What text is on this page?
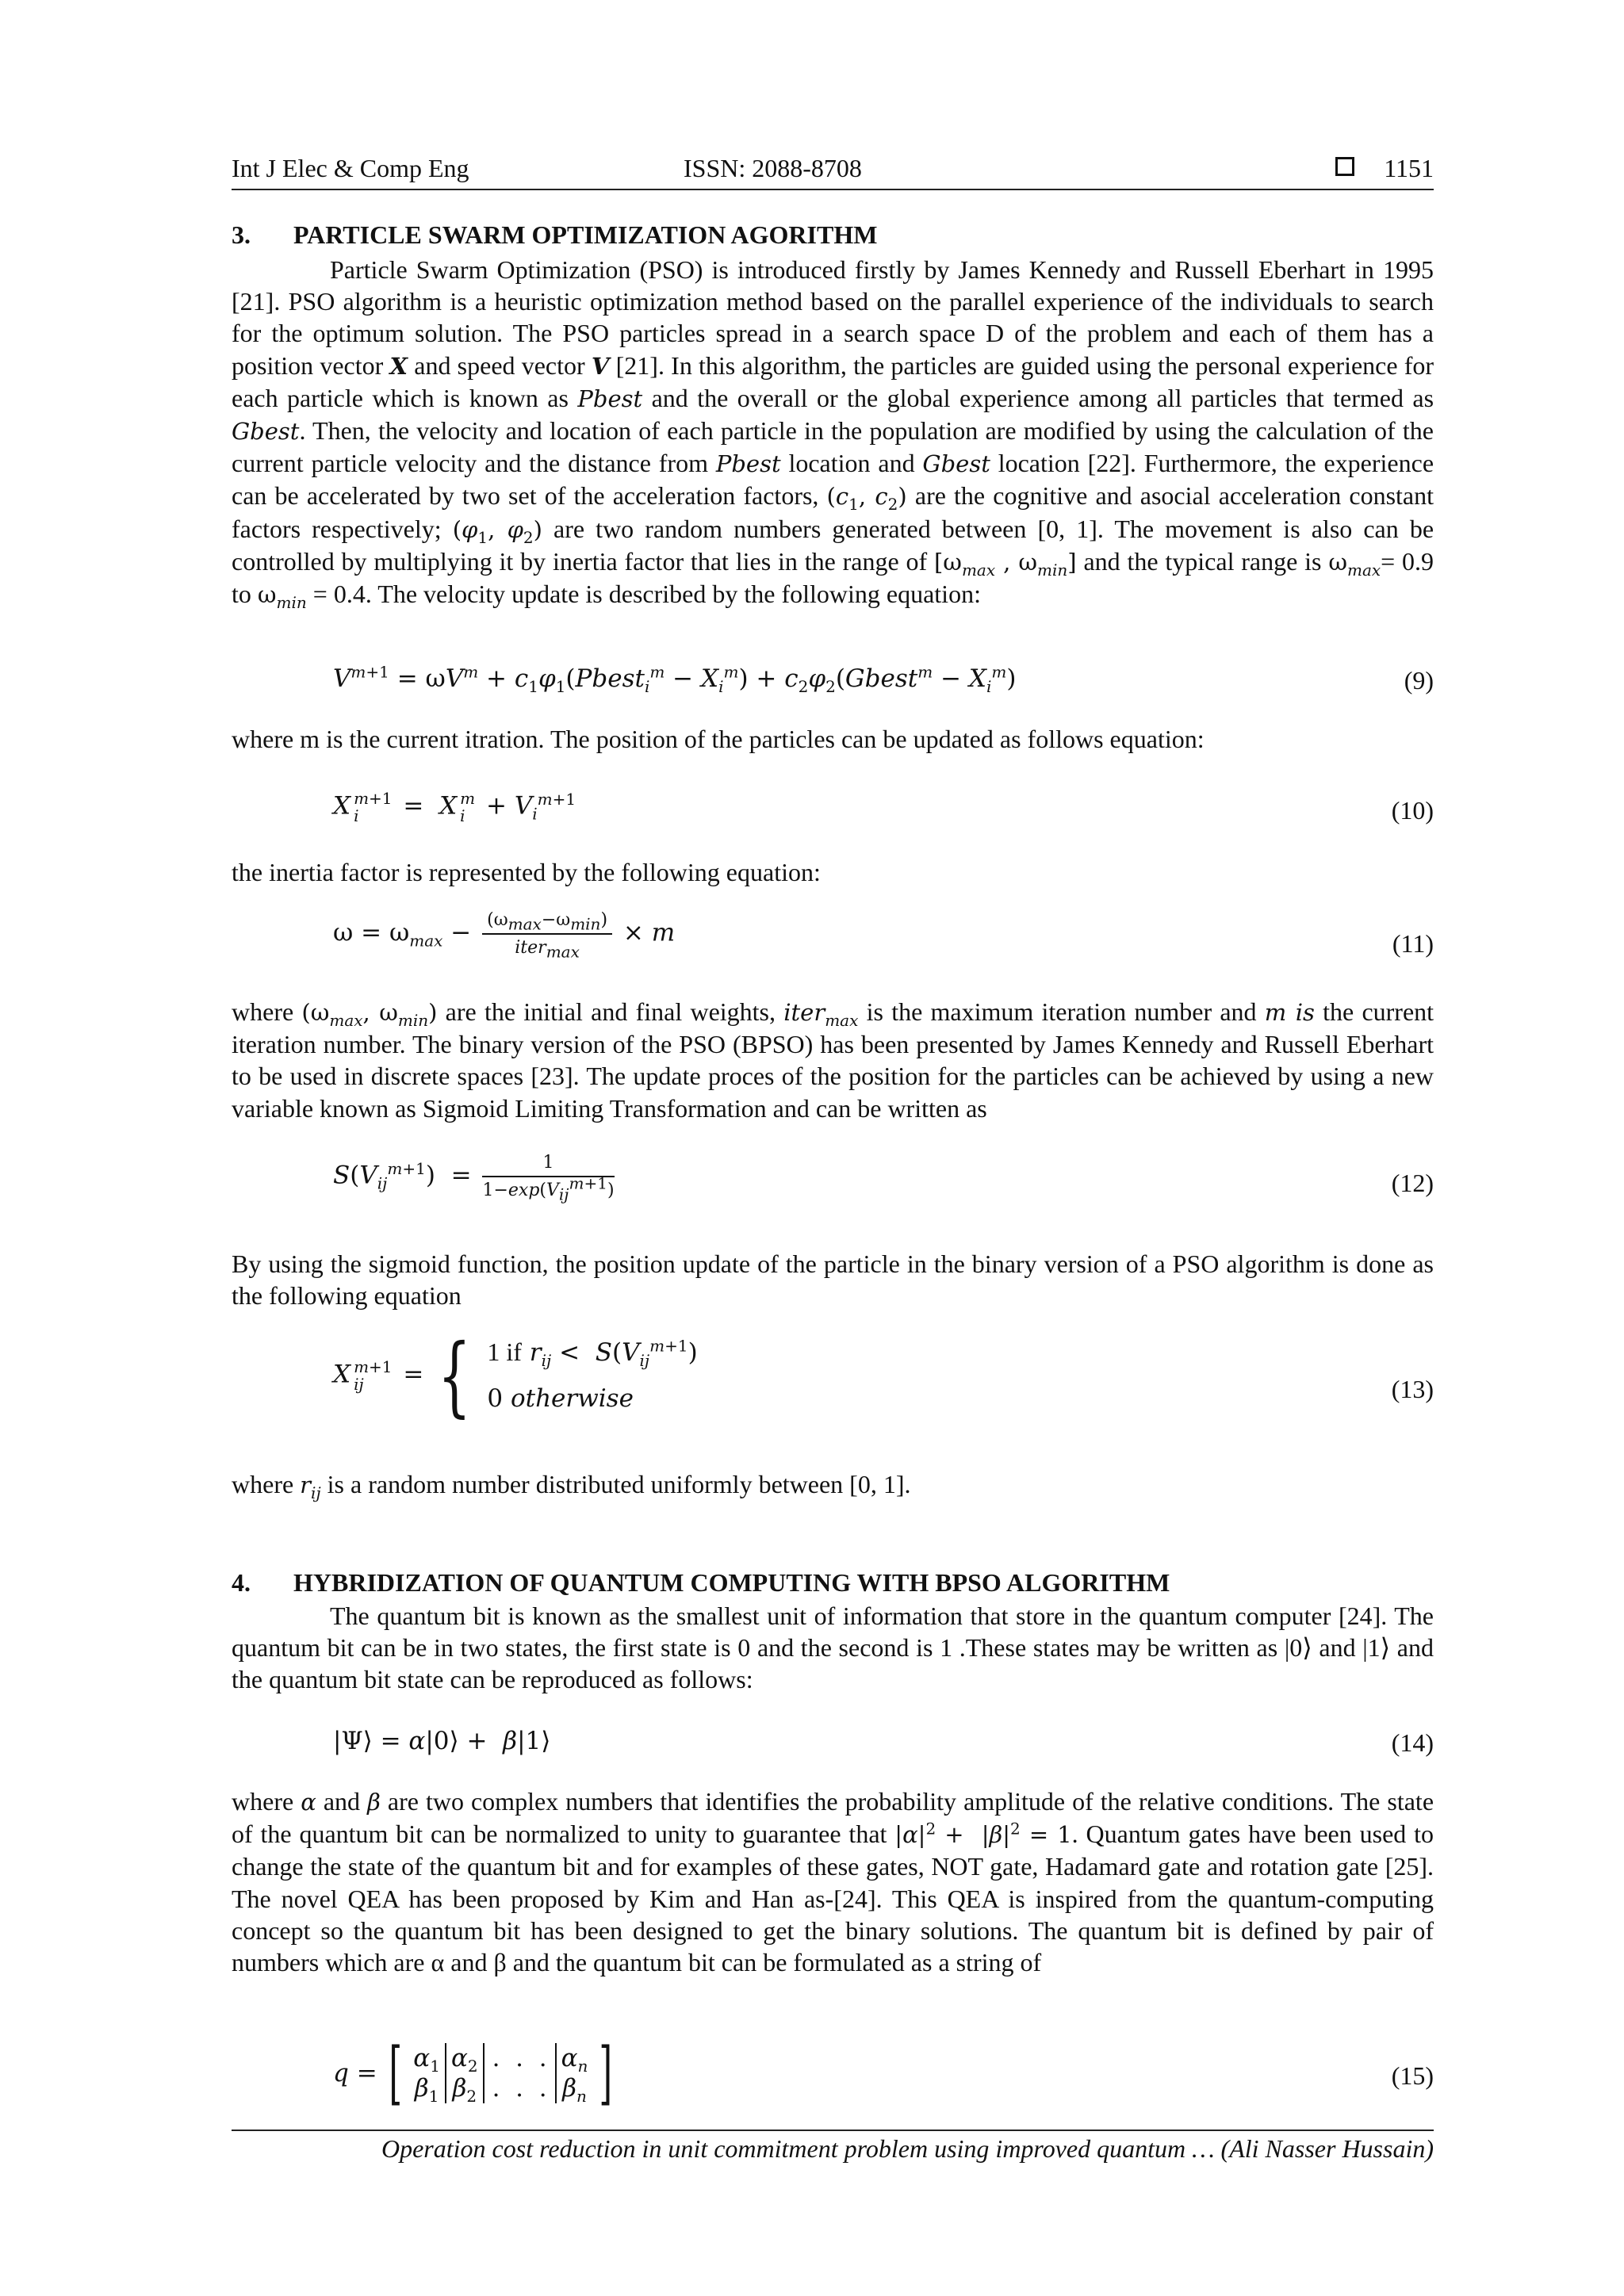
Int J Elec & Comp Eng	ISSN: 2088-8708	1151
3. PARTICLE SWARM OPTIMIZATION AGORITHM
Particle Swarm Optimization (PSO) is introduced firstly by James Kennedy and Russell Eberhart in 1995 [21]. PSO algorithm is a heuristic optimization method based on the parallel experience of the individuals to search for the optimum solution. The PSO particles spread in a search space D of the problem and each of them has a position vector X and speed vector V [21]. In this algorithm, the particles are guided using the personal experience for each particle which is known as Pbest and the overall or the global experience among all particles that termed as Gbest. Then, the velocity and location of each particle in the population are modified by using the calculation of the current particle velocity and the distance from Pbest location and Gbest location [22]. Furthermore, the experience can be accelerated by two set of the acceleration factors, ($c_1$, $c_2$) are the cognitive and asocial acceleration constant factors respectively; ($\varphi_1$, $\varphi_2$) are two random numbers generated between [0, 1]. The movement is also can be controlled by multiplying it by inertia factor that lies in the range of [$\omega_{max}$ , $\omega_{min}$] and the typical range is $\omega_{max}= 0.9$ to $\omega_{min} = 0.4$. The velocity update is described by the following equation:
$V^{m+1} = \omega V^m$ + $c_1\varphi_1(Pbest_i^m - X_i^m)$ + $c_2\varphi_2(Gbest^m - X_i^m)$	(9)
where m is the current itration. The position of the particles can be updated as follows equation:
X m+1
i	=  X m
$i + V_i^{m+1}$	(10)
the inertia factor is represented by the following equation:
$\omega = \omega_{max} - \frac{(\omega_{max}-\omega_{min})}{iter_{max}} \times m$	(11)
where ($\omega_{max}$, $\omega_{min}$) are the initial and final weights, iter$_{max}$ is the maximum iteration number and m is the current iteration number. The binary version of the PSO (BPSO) has been presented by James Kennedy and Russell Eberhart to be used in discrete spaces [23]. The update proces of the position for the particles can be achieved by using a new variable known as Sigmoid Limiting Transformation and can be written as
$S(V_{ij}^{m+1}) = \frac{1}{1-\exp(V_{ij}^{m+1})}$	(12)
By using the sigmoid function, the position update of the particle in the binary version of a PSO algorithm is done as the following equation
X m+1
ij	= { 1 if $r_{ij} < S(V_{ij}^{m+1})$
0 otherwise	(13)
where $r_{ij}$ is a random number distributed uniformly between [0, 1].
4. HYBRIDIZATION OF QUANTUM COMPUTING WITH BPSO ALGORITHM
The quantum bit is known as the smallest unit of information that store in the quantum computer [24]. The quantum bit can be in two states, the first state is 0 and the second is 1 .These states may be written as |0⟩ and |1⟩ and the quantum bit state can be reproduced as follows:
|Ψ⟩ = α|0⟩ +  β|1⟩	(14)
where α and β are two complex numbers that identifies the probability amplitude of the relative conditions. The state of the quantum bit can be normalized to unity to guarantee that $|\alpha|^2 + |\beta|^2 = 1$. Quantum gates have been used to change the state of the quantum bit and for examples of these gates, NOT gate, Hadamard gate and rotation gate [25]. The novel QEA has been proposed by Kim and Han as-[24]. This QEA is inspired from the quantum-computing concept so the quantum bit has been designed to get the binary solutions. The quantum bit is defined by pair of numbers which are α and β and the quantum bit can be formulated as a string of
q = [ $\alpha_1$
$\beta_1$
$\alpha_2$
$\beta_2$
.  .  .
.  .  .
$\alpha_n$
$\beta_n$ ]	(15)
Operation cost reduction in unit commitment problem using improved quantum … (Ali Nasser Hussain)
